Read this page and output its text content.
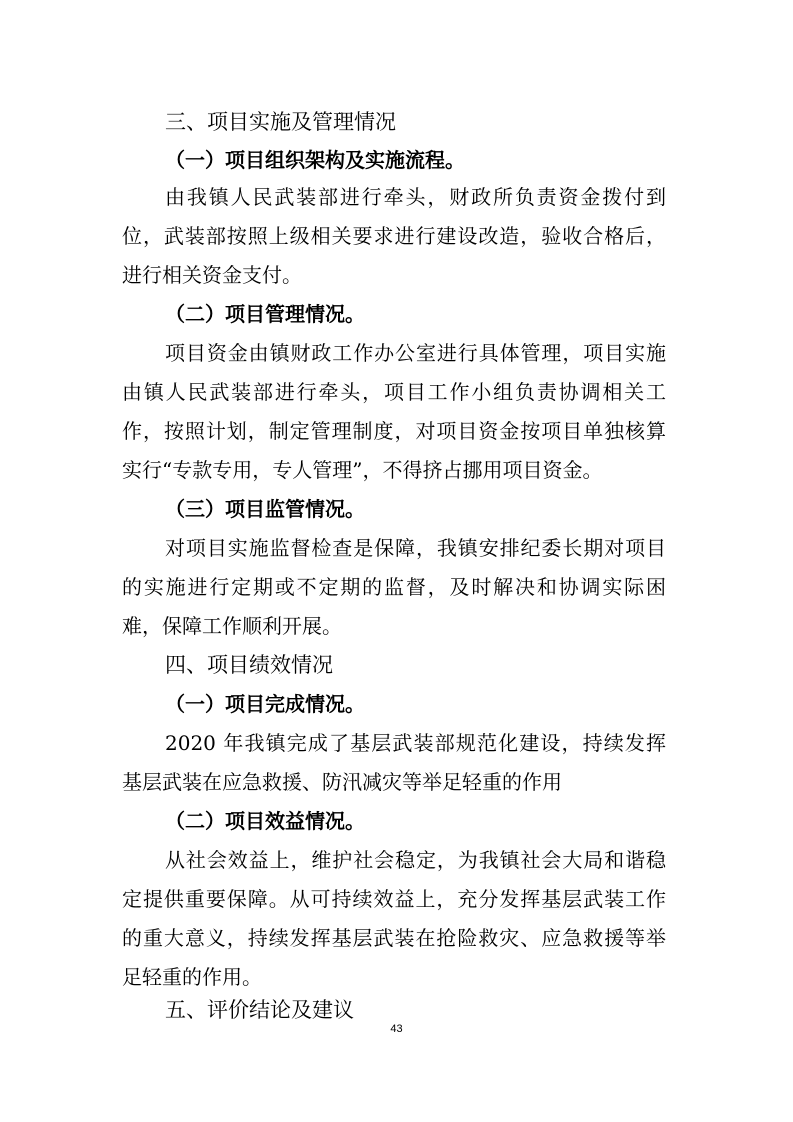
三、项目实施及管理情况
（一）项目组织架构及实施流程。
由我镇人民武装部进行牵头，财政所负责资金拨付到
位，武装部按照上级相关要求进行建设改造，验收合格后，
进行相关资金支付。
（二）项目管理情况。
项目资金由镇财政工作办公室进行具体管理，项目实施
由镇人民武装部进行牵头，项目工作小组负责协调相关工
作，按照计划，制定管理制度，对项目资金按项目单独核算
实行“专款专用，专人管理”，不得挤占挪用项目资金。
（三）项目监管情况。
对项目实施监督检查是保障，我镇安排纪委长期对项目
的实施进行定期或不定期的监督，及时解决和协调实际困
难，保障工作顺利开展。
四、项目绩效情况
（一）项目完成情况。
2020 年我镇完成了基层武装部规范化建设，持续发挥
基层武装在应急救援、防汛减灾等举足轻重的作用
（二）项目效益情况。
从社会效益上，维护社会稳定，为我镇社会大局和谐稳
定提供重要保障。从可持续效益上，充分发挥基层武装工作
的重大意义，持续发挥基层武装在抢险救灾、应急救援等举
足轻重的作用。
五、评价结论及建议
43
